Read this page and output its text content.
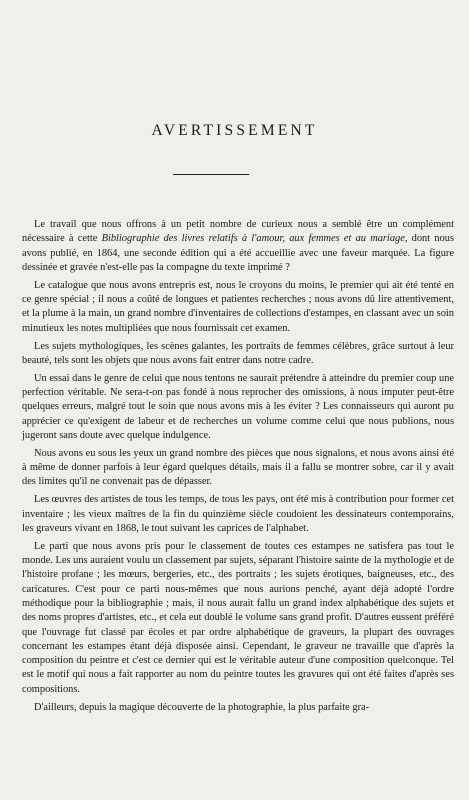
AVERTISSEMENT

Le travail que nous offrons à un petit nombre de curieux nous a semblé être un complément nécessaire à cette Bibliographie des livres relatifs à l'amour, aux femmes et au mariage, dont nous avons publié, en 1864, une seconde édition qui a été accueillie avec une faveur marquée. La figure dessinée et gravée n'est-elle pas la compagne du texte imprimé ?

Le catalogue que nous avons entrepris est, nous le croyons du moins, le premier qui ait été tenté en ce genre spécial ; il nous a coûté de longues et patientes recherches ; nous avons dû lire attentivement, et la plume à la main, un grand nombre d'inventaires de collections d'estampes, en classant avec un soin minutieux les notes multipliées que nous fournissait cet examen.

Les sujets mythologiques, les scènes galantes, les portraits de femmes célèbres, grâce surtout à leur beauté, tels sont les objets que nous avons fait entrer dans notre cadre.

Un essai dans le genre de celui que nous tentons ne saurait prétendre à atteindre du premier coup une perfection véritable. Ne sera-t-on pas fondé à nous reprocher des omissions, à nous imputer peut-être quelques erreurs, malgré tout le soin que nous avons mis à les éviter ? Les connaisseurs qui auront pu apprécier ce qu'exigent de labeur et de recherches un volume comme celui que nous publions, nous jugeront sans doute avec quelque indulgence.

Nous avons eu sous les yeux un grand nombre des pièces que nous signalons, et nous avons ainsi été à même de donner parfois à leur égard quelques détails, mais il a fallu se montrer sobre, car il y avait des limites qu'il ne convenait pas de dépasser.

Les œuvres des artistes de tous les temps, de tous les pays, ont été mis à contribution pour former cet inventaire ; les vieux maîtres de la fin du quinzième siècle coudoient les dessinateurs contemporains, les graveurs vivant en 1868, le tout suivant les caprices de l'alphabet.

Le parti que nous avons pris pour le classement de toutes ces estampes ne satisfera pas tout le monde. Les uns auraient voulu un classement par sujets, séparant l'histoire sainte de la mythologie et de l'histoire profane ; les mœurs, bergeries, etc., des portraits ; les sujets érotiques, baigneuses, etc., des caricatures. C'est pour ce parti nous-mêmes que nous aurions penché, ayant déjà adopté l'ordre méthodique pour la bibliographie ; mais, il nous aurait fallu un grand index alphabétique des sujets et des noms propres d'artistes, etc., et cela eut doublé le volume sans grand profit. D'autres eussent préféré que l'ouvrage fut classé par écoles et par ordre alphabétique de graveurs, la plupart des ouvrages concernant les estampes étant déjà disposée ainsi. Cependant, le graveur ne travaille que d'après la composition du peintre et c'est ce dernier qui est le véritable auteur d'une composition quelconque. Tel est le motif qui nous a fait rapporter au nom du peintre toutes les gravures qui ont été faites d'après ses compositions.

D'ailleurs, depuis la magique découverte de la photographie, la plus parfaite gra-
